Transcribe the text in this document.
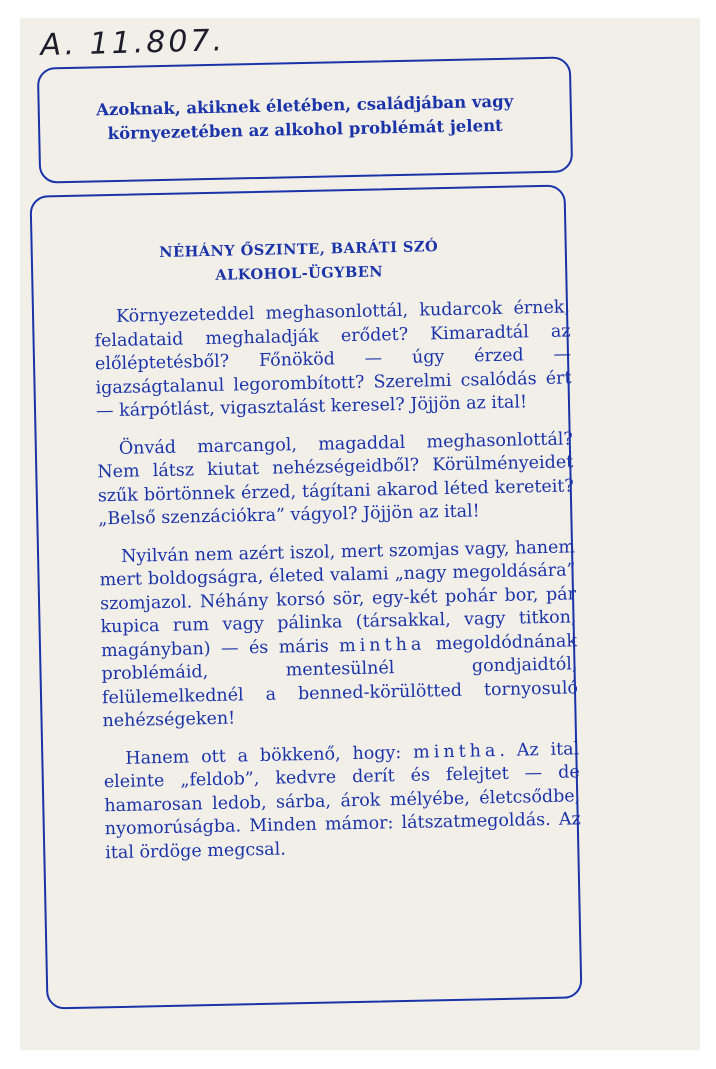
A. 11.807.
Azoknak, akiknek életében, családjában vagy
környezetében az alkohol problémát jelent
NÉHÁNY ŐSZINTE, BARÁTI SZÓ
ALKOHOL-ÜGYBEN

Környezeteddel meghasonlottál, kudarcok érnek, feladataid meghaladják erődet? Kimaradtál az előléptetésből? Főnököd — úgy érzed — igazságtalanul legorombított? Szerelmi csalódás ért — kárpótlást, vigasztalást keresel? Jöjjön az ital!

Önvád marcangol, magaddal meghasonlottál? Nem látsz kiutat nehézségeidből? Körülményeidet szűk börtönnek érzed, tágítani akarod léted kereteit? „Belső szenzációkra” vágyol? Jöjjön az ital!

Nyilván nem azért iszol, mert szomjas vagy, hanem mert boldogságra, életed valami „nagy megoldására” szomjazol. Néhány korsó sör, egy-két pohár bor, pár kupica rum vagy pálinka (társakkal, vagy titkon, magányban) — és máris mintha megoldódnának problémáid, mentesülnél gondjaidtól, felülemelkednél a benned-körülötted tornyosuló nehézségeken!

Hanem ott a bökkenő, hogy: mintha. Az ital eleinte „feldob”, kedvre derít és felejtet — de hamarosan ledob, sárba, árok mélyébe, életcsődbe, nyomorúságba. Minden mámor: látszatmegoldás. Az ital ördöge megcsal.
